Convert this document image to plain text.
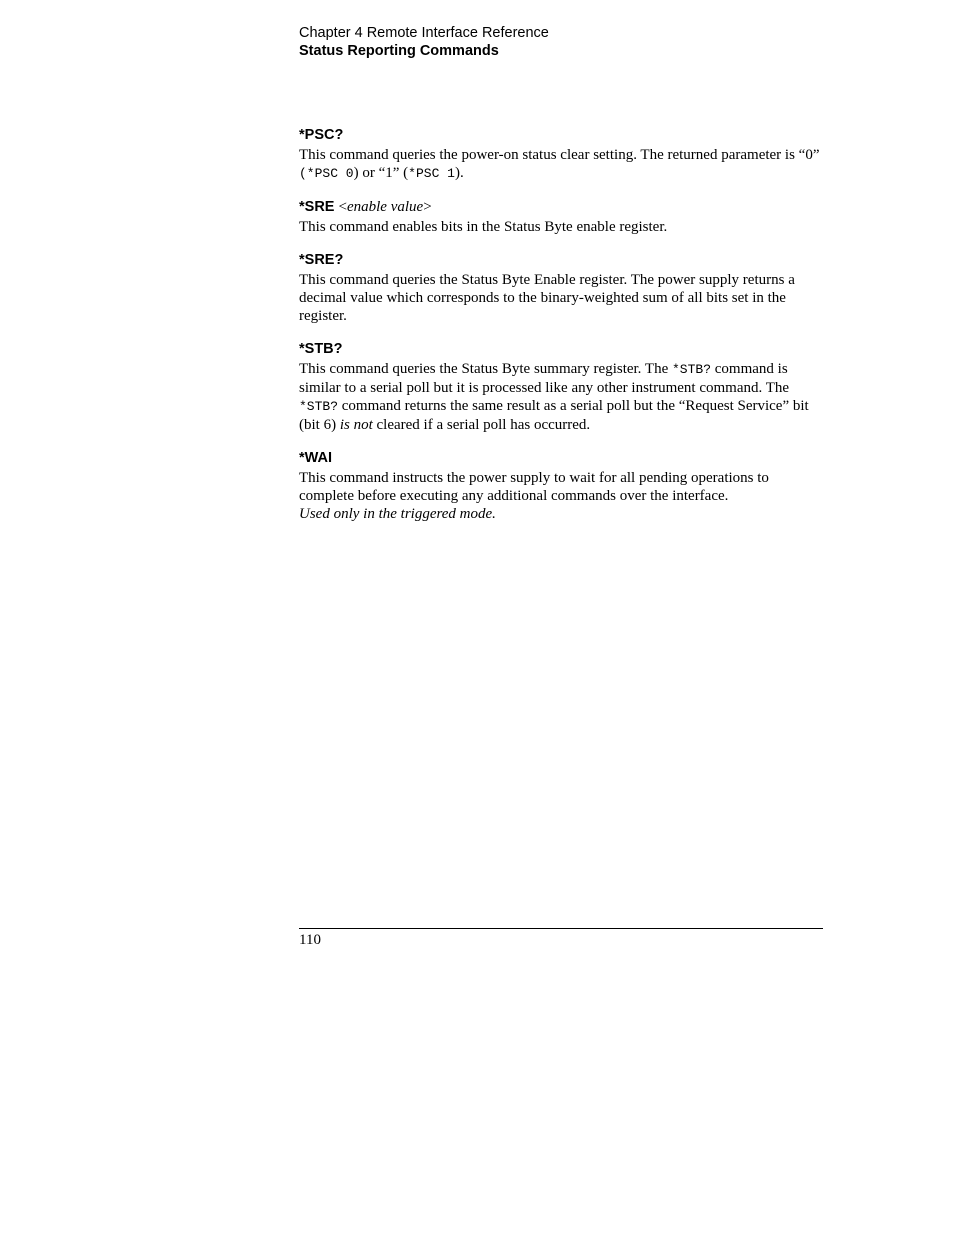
Chapter 4 Remote Interface Reference
Status Reporting Commands

*PSC?

This command queries the power-on status clear setting. The returned parameter is “0” (*PSC 0) or “1” (*PSC 1).

*SRE <enable value>

This command enables bits in the Status Byte enable register.

*SRE?

This command queries the Status Byte Enable register. The power supply returns a decimal value which corresponds to the binary-weighted sum of all bits set in the register.

*STB?

This command queries the Status Byte summary register. The *STB? command is similar to a serial poll but it is processed like any other instrument command. The *STB? command returns the same result as a serial poll but the “Request Service” bit (bit 6) is not cleared if a serial poll has occurred.

*WAI

This command instructs the power supply to wait for all pending operations to complete before executing any additional commands over the interface.
Used only in the triggered mode.

110
